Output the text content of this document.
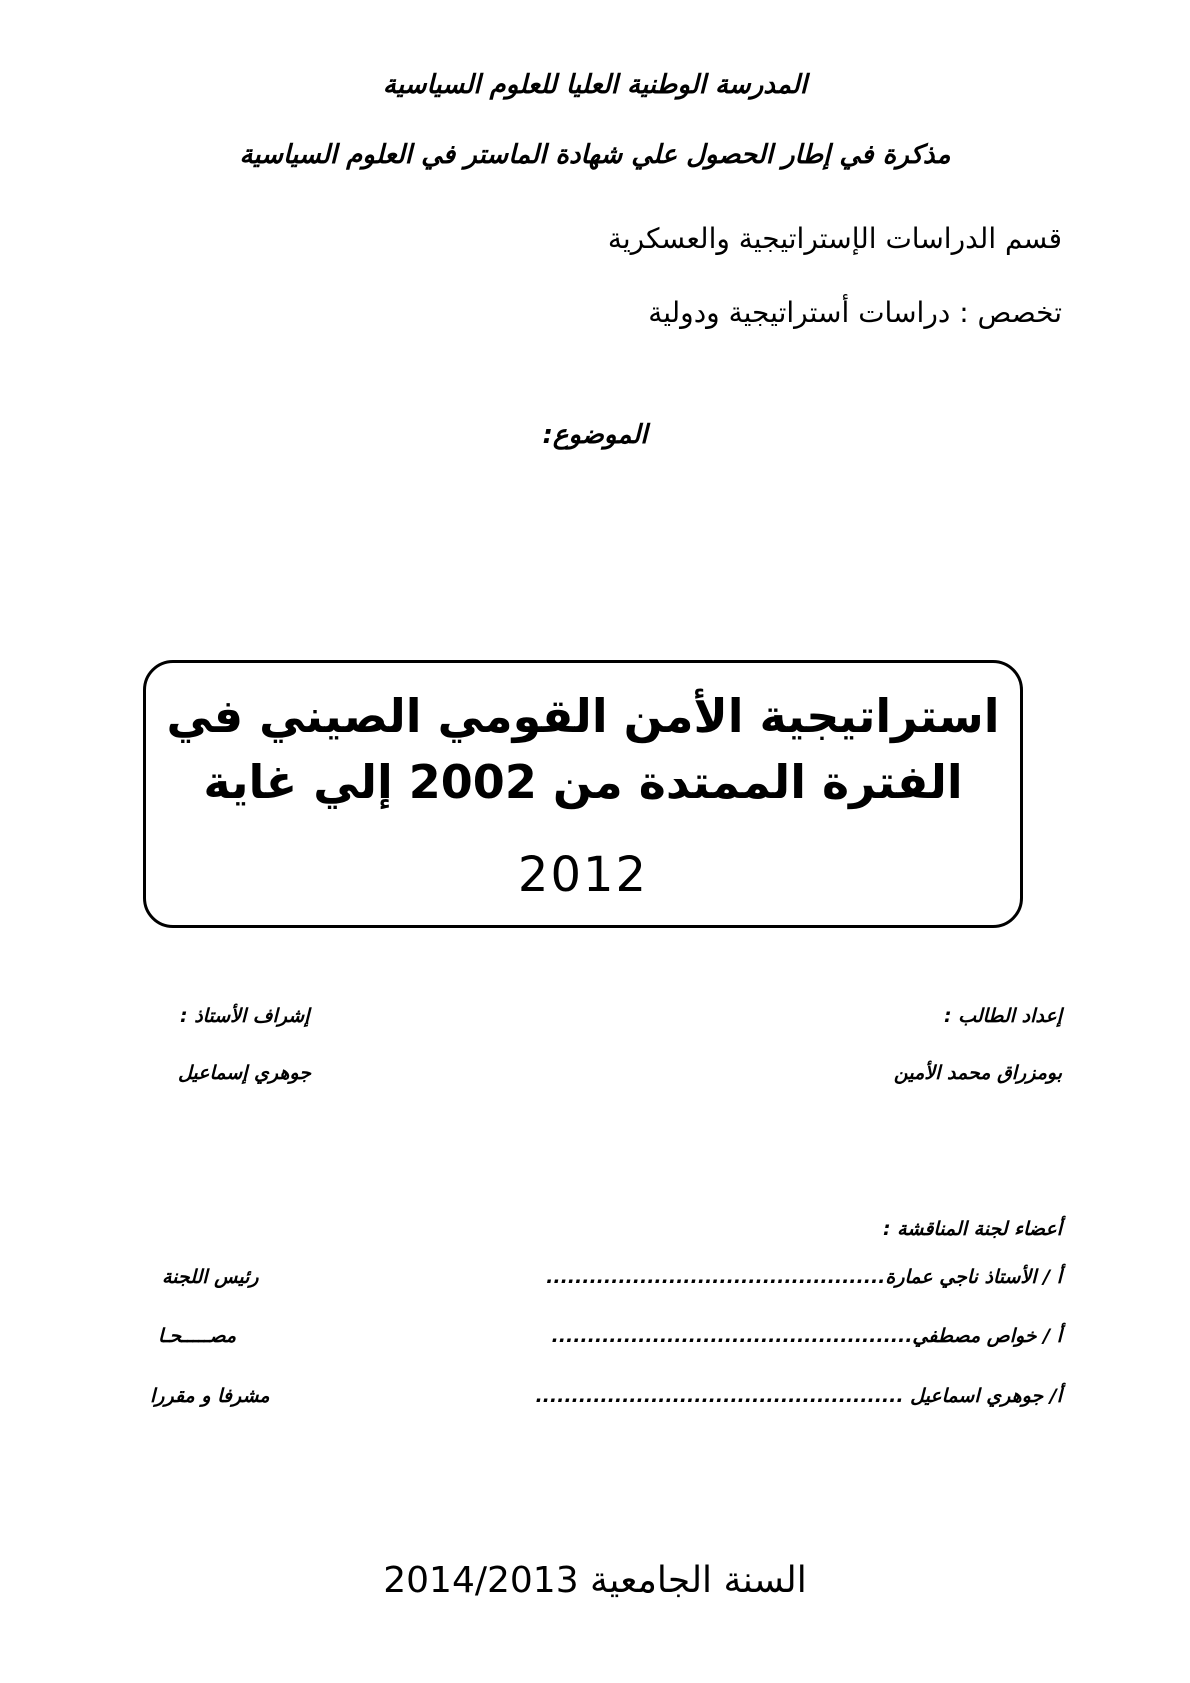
المدرسة الوطنية العليا للعلوم السياسية
مذكرة في إطار الحصول علي شهادة الماستر في العلوم السياسية
قسم الدراسات الإستراتيجية والعسكرية
تخصص : دراسات أستراتيجية ودولية
الموضوع:
استراتيجية الأمن القومي الصيني في الفترة الممتدة من 2002 إلي غاية
2012
إعداد الطالب :
بومزراق محمد الأمين
إشراف الأستاذ :
جوهري إسماعيل
أعضاء لجنة المناقشة :
أ / الأستاذ ناجي عمارة...............................................
رئيس اللجنة
أ / خواص مصطفي..................................................
مصـــــحـا
أ/ جوهري اسماعيل ...................................................
مشرفا و مقررا
السنة الجامعية 2014/2013
